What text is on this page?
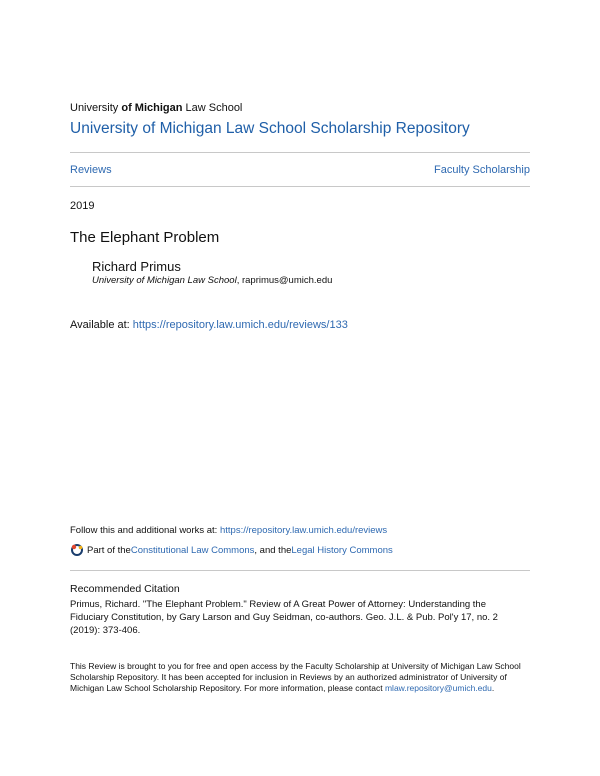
University of Michigan Law School
University of Michigan Law School Scholarship Repository
Reviews	Faculty Scholarship
2019
The Elephant Problem
Richard Primus
University of Michigan Law School, raprimus@umich.edu
Available at: https://repository.law.umich.edu/reviews/133
Follow this and additional works at: https://repository.law.umich.edu/reviews
Part of the Constitutional Law Commons , and the Legal History Commons
Recommended Citation
Primus, Richard. "The Elephant Problem." Review of A Great Power of Attorney: Understanding the Fiduciary Constitution, by Gary Larson and Guy Seidman, co-authors. Geo. J.L. & Pub. Pol'y 17, no. 2 (2019): 373-406.
This Review is brought to you for free and open access by the Faculty Scholarship at University of Michigan Law School Scholarship Repository. It has been accepted for inclusion in Reviews by an authorized administrator of University of Michigan Law School Scholarship Repository. For more information, please contact mlaw.repository@umich.edu.
